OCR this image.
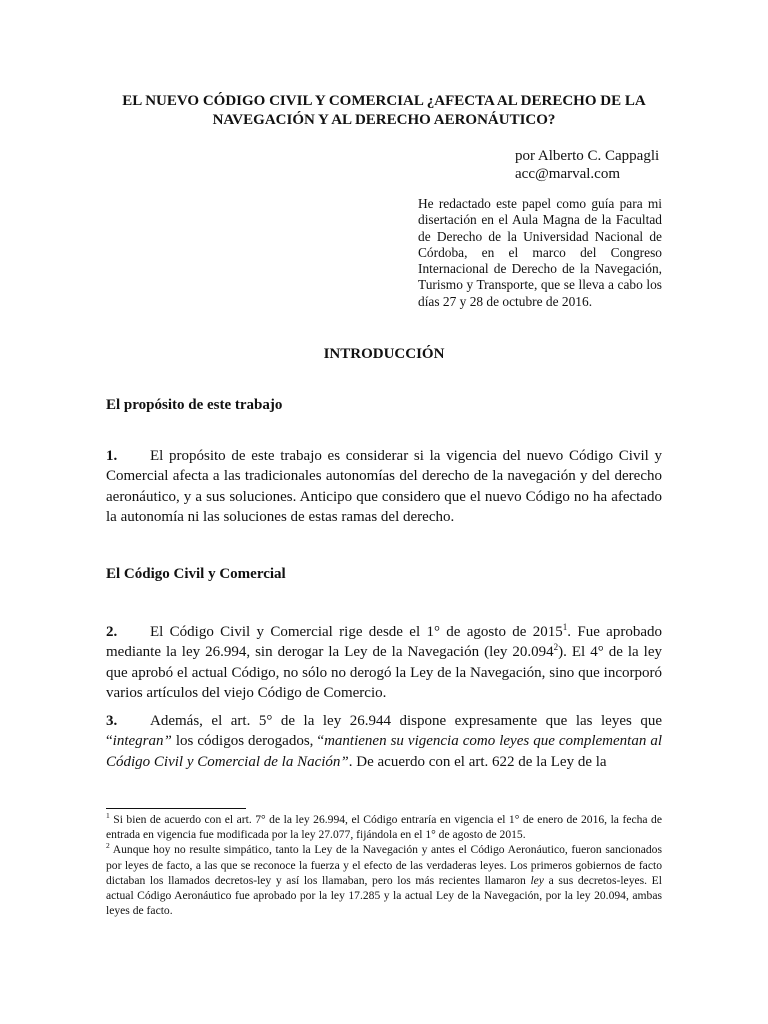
EL NUEVO CÓDIGO CIVIL Y COMERCIAL ¿AFECTA AL DERECHO DE LA
NAVEGACIÓN Y AL DERECHO AERONÁUTICO?
por Alberto C. Cappagli
acc@marval.com
He redactado este papel como guía para mi disertación en el Aula Magna de la Facultad de Derecho de la Universidad Nacional de Córdoba, en el marco del Congreso Internacional de Derecho de la Navegación, Turismo y Transporte, que se lleva a cabo los días 27 y 28 de octubre de 2016.
INTRODUCCIÓN
El propósito de este trabajo
1. El propósito de este trabajo es considerar si la vigencia del nuevo Código Civil y Comercial afecta a las tradicionales autonomías del derecho de la navegación y del derecho aeronáutico, y a sus soluciones. Anticipo que considero que el nuevo Código no ha afectado la autonomía ni las soluciones de estas ramas del derecho.
El Código Civil y Comercial
2. El Código Civil y Comercial rige desde el 1° de agosto de 2015$^1$. Fue aprobado mediante la ley 26.994, sin derogar la Ley de la Navegación (ley 20.094$^2$). El 4° de la ley que aprobó el actual Código, no sólo no derogó la Ley de la Navegación, sino que incorporó varios artículos del viejo Código de Comercio.
3. Además, el art. 5° de la ley 26.944 dispone expresamente que las leyes que “integran” los códigos derogados, “mantienen su vigencia como leyes que complementan al Código Civil y Comercial de la Nación”. De acuerdo con el art. 622 de la Ley de la

$^1$ Si bien de acuerdo con el art. 7° de la ley 26.994, el Código entraría en vigencia el 1° de enero de 2016, la fecha de entrada en vigencia fue modificada por la ley 27.077, fijándola en el 1° de agosto de 2015.

$^2$ Aunque hoy no resulte simpático, tanto la Ley de la Navegación y antes el Código Aeronáutico, fueron sancionados por leyes de facto, a las que se reconoce la fuerza y el efecto de las verdaderas leyes. Los primeros gobiernos de facto dictaban los llamados decretos-ley y así los llamaban, pero los más recientes llamaron ley a sus decretos-leyes. El actual Código Aeronáutico fue aprobado por la ley 17.285 y la actual Ley de la Navegación, por la ley 20.094, ambas leyes de facto.
